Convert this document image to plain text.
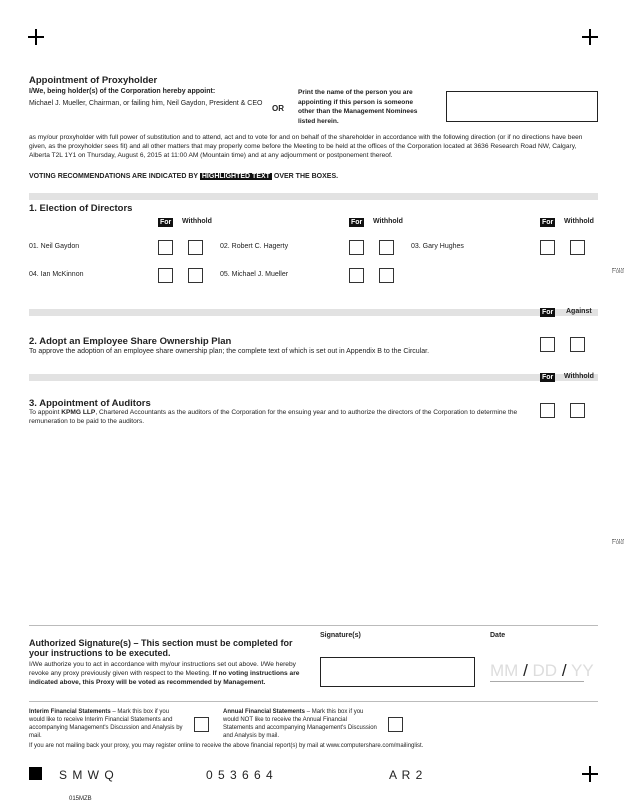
Appointment of Proxyholder
I/We, being holder(s) of the Corporation hereby appoint:
Michael J. Mueller, Chairman, or failing him, Neil Gaydon, President & CEO
OR
Print the name of the person you are appointing if this person is someone other than the Management Nominees listed herein.
as my/our proxyholder with full power of substitution and to attend, act and to vote for and on behalf of the shareholder in accordance with the following direction (or if no directions have been given, as the proxyholder sees fit) and all other matters that may properly come before the Meeting to be held at the offices of the Corporation located at 3636 Research Road NW, Calgary, Alberta T2L 1Y1 on Thursday, August 6, 2015 at 11:00 AM (Mountain time) and at any adjournment or postponement thereof.
VOTING RECOMMENDATIONS ARE INDICATED BY HIGHLIGHTED TEXT OVER THE BOXES.
1. Election of Directors
For Withhold	For Withhold	For Withhold
01. Neil Gaydon	02. Robert C. Hagerty	03. Gary Hughes
04. Ian McKinnon	05. Michael J. Mueller	Fold
For Against
2. Adopt an Employee Share Ownership Plan
To approve the adoption of an employee share ownership plan; the complete text of which is set out in Appendix B to the Circular.
For Withhold
3. Appointment of Auditors
To appoint KPMG LLP, Chartered Accountants as the auditors of the Corporation for the ensuing year and to authorize the directors of the Corporation to determine the remuneration to be paid to the auditors.
Fold
Authorized Signature(s) – This section must be completed for your instructions to be executed.
I/We authorize you to act in accordance with my/our instructions set out above. I/We hereby revoke any proxy previously given with respect to the Meeting. If no voting instructions are indicated above, this Proxy will be voted as recommended by Management.
Signature(s)	Date
MM / DD / YY
Interim Financial Statements – Mark this box if you would like to receive Interim Financial Statements and accompanying Management's Discussion and Analysis by mail.
Annual Financial Statements – Mark this box if you would NOT like to receive the Annual Financial Statements and accompanying Management's Discussion and Analysis by mail.
If you are not mailing back your proxy, you may register online to receive the above financial report(s) by mail at www.computershare.com/mailinglist.
S M W Q	0 5 3 6 6 4	A R 2
015MZB
